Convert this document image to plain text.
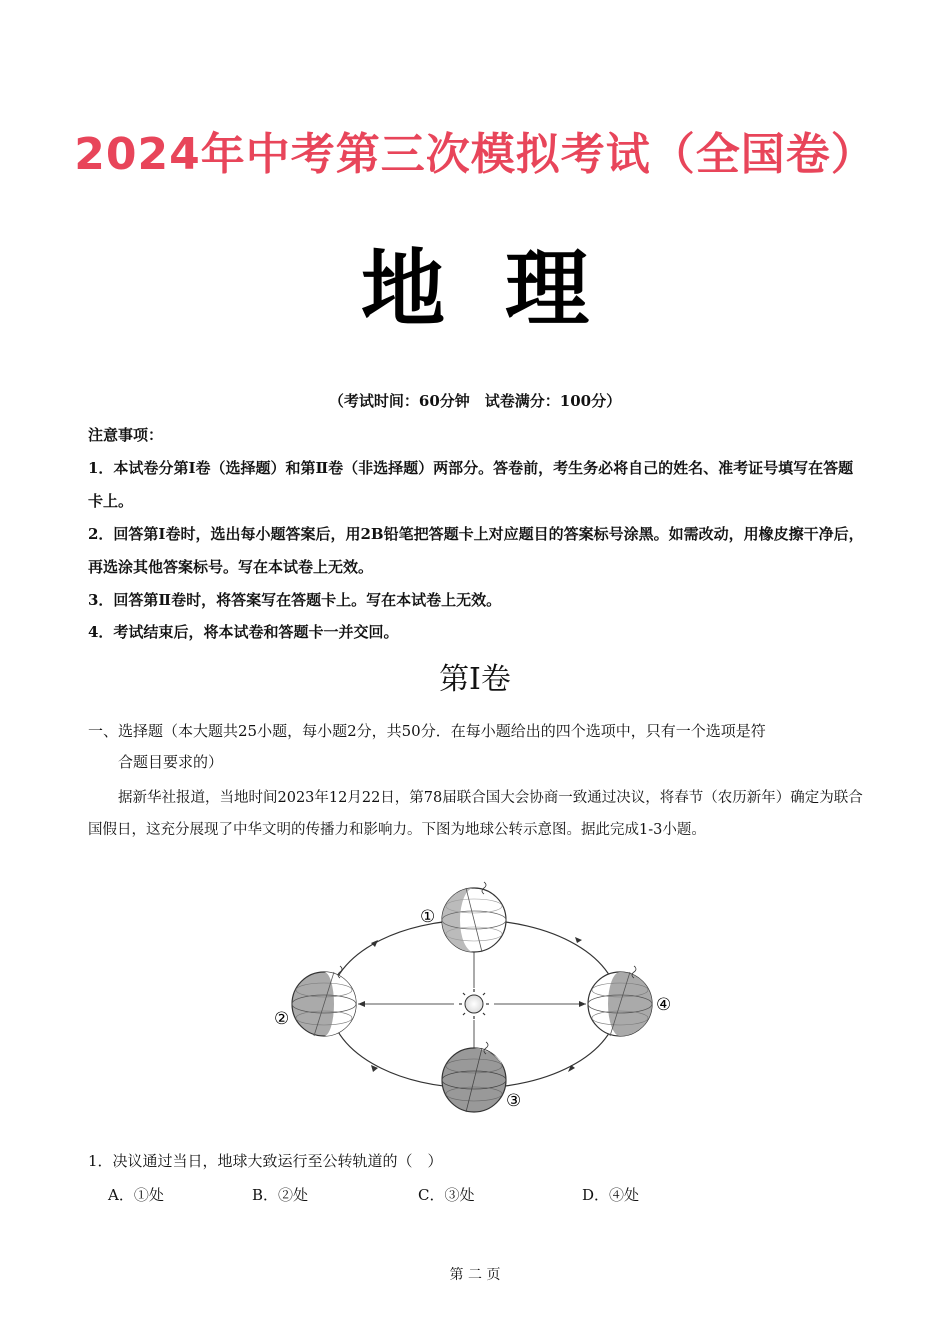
2024年中考第三次模拟考试（全国卷）
地理
（考试时间：60分钟　试卷满分：100分）
注意事项：
1．本试卷分第Ⅰ卷（选择题）和第Ⅱ卷（非选择题）两部分。答卷前，考生务必将自己的姓名、准考证号填写在答题卡上。
2．回答第Ⅰ卷时，选出每小题答案后，用2B铅笔把答题卡上对应题目的答案标号涂黑。如需改动，用橡皮擦干净后，再选涂其他答案标号。写在本试卷上无效。
3．回答第Ⅱ卷时，将答案写在答题卡上。写在本试卷上无效。
4．考试结束后，将本试卷和答题卡一并交回。
第Ⅰ卷
一、选择题（本大题共25小题，每小题2分，共50分．在每小题给出的四个选项中，只有一个选项是符
合题目要求的）
据新华社报道，当地时间2023年12月22日，第78届联合国大会协商一致通过决议，将春节（农历新年）确定为联合国假日，这充分展现了中华文明的传播力和影响力。下图为地球公转示意图。据此完成1-3小题。
①
②
③
④
1．决议通过当日，地球大致运行至公转轨道的（　）
A．①处	B．②处	C．③处	D．④处
第 二 页
